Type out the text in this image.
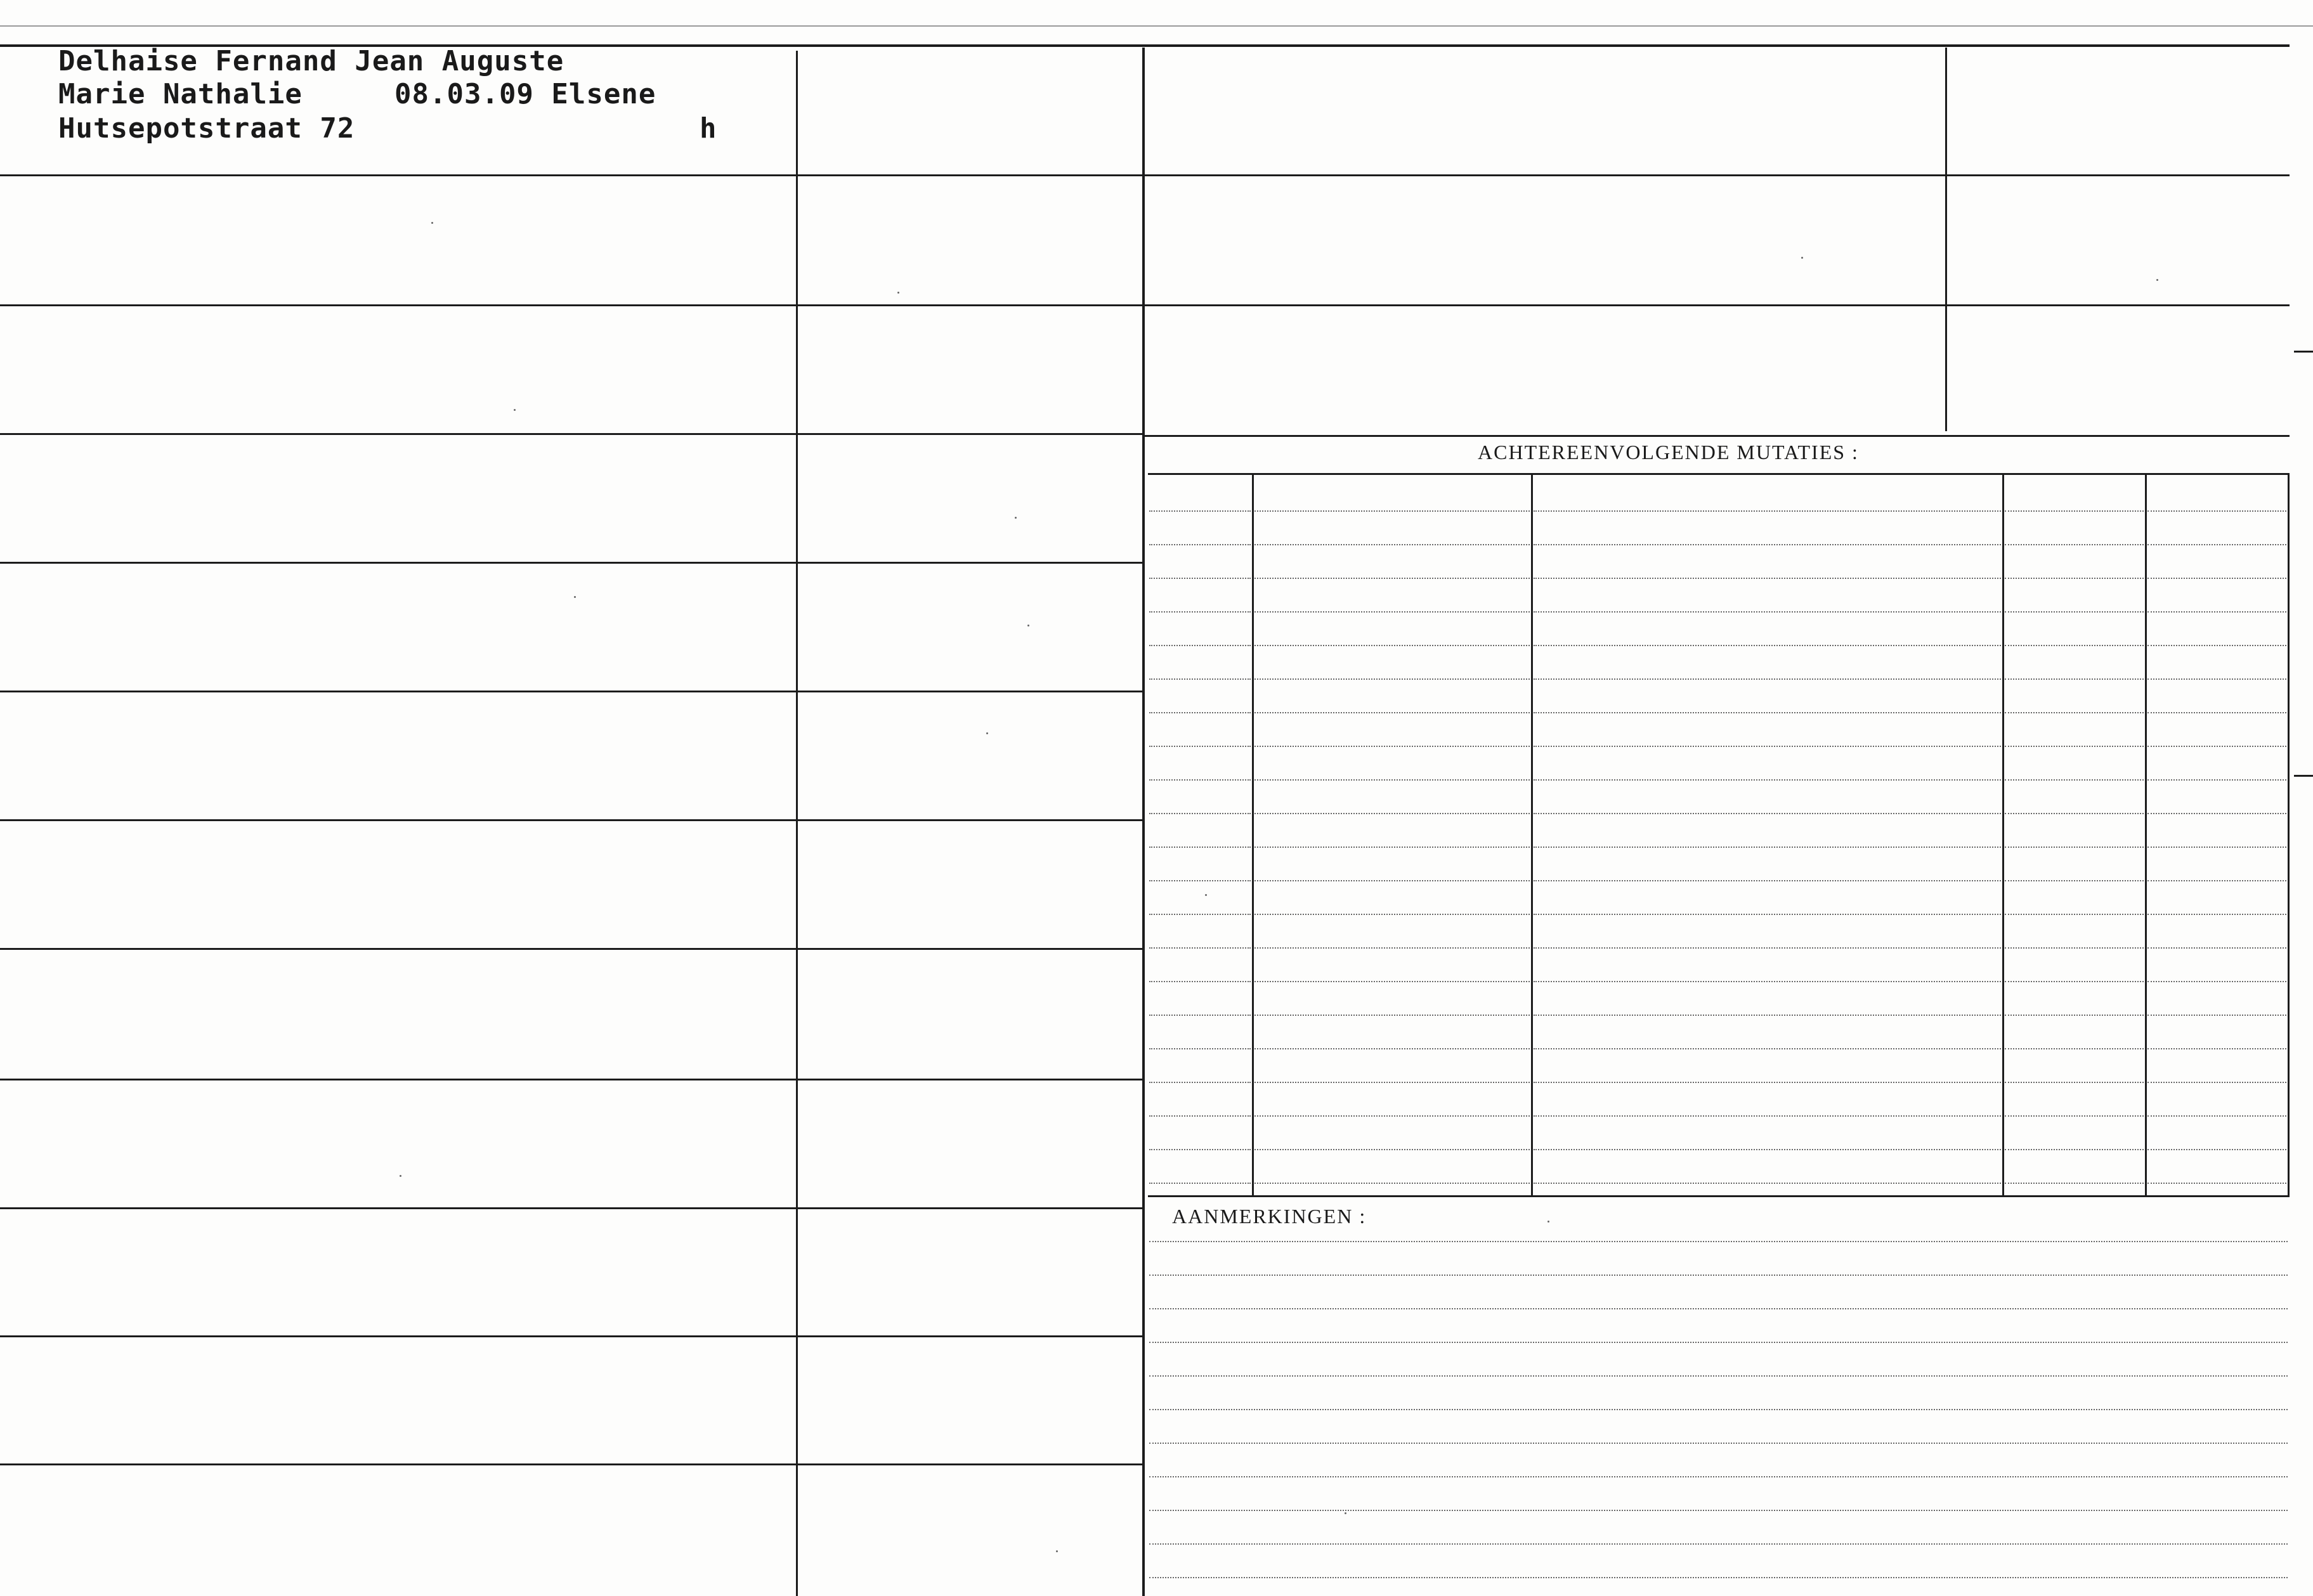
Delhaise Fernand Jean Auguste
Marie Nathalie	08.03.09 Elsene
Hutsepotstraat 72	h
ACHTEREENVOLGENDE MUTATIES :
AANMERKINGEN :
